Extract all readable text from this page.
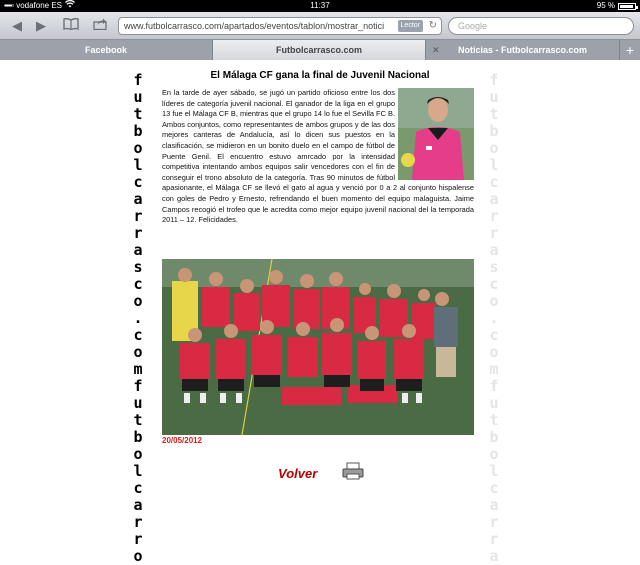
▪▪▪▪▫ vodafone ES	11:37	95 %
◀ ▶	www.futbolcarrasco.com/apartados/eventos/tablon/mostrar_notici	Lector ↻	Google
Facebook	Futbolcarrasco.com	✕ Noticias - Futbolcarrasco.com	+
f
u
t
b
o
l
c
a
r
r
a
s
c
o
.
c
o
m
f
u
t
b
o
l
c
a
r
r
o
f
u
t
b
o
l
c
a
r
r
a
s
c
o
.
c
o
m
f
u
t
b
o
l
c
a
r
r
a
El Málaga CF gana la final de Juvenil Nacional
En la tarde de ayer sábado, se jugó un partido oficioso entre los dos líderes de categoría juvenil nacional. El ganador de la liga en el grupo 13 fue el Málaga CF B, mientras que el grupo 14 lo fue el Sevilla FC B. Ambos conjuntos, como representantes de ambos grupos y de las dos mejores canteras de Andalucía, así lo dicen sus puestos en la clasificación, se midieron en un bonito duelo en el campo de fútbol de Puente Genil. El encuentro estuvo amrcado por la intensidad competitiva intentando ambos equipos salir vencedores con el fin de conseguir el trono absoluto de la categoría. Tras 90 minutos de fútbol apasionante, el Málaga CF se llevó el gato al agua y venció por 0 a 2 al conjunto hispalense con goles de Pedro y Ernesto, refrendando el buen momento del equipo malaguista. Jaime Campos recogió el trofeo que le acredita como mejor equipo juvenil nacional del la temporada 2011 – 12. Felicidades.
20/05/2012
Volver
